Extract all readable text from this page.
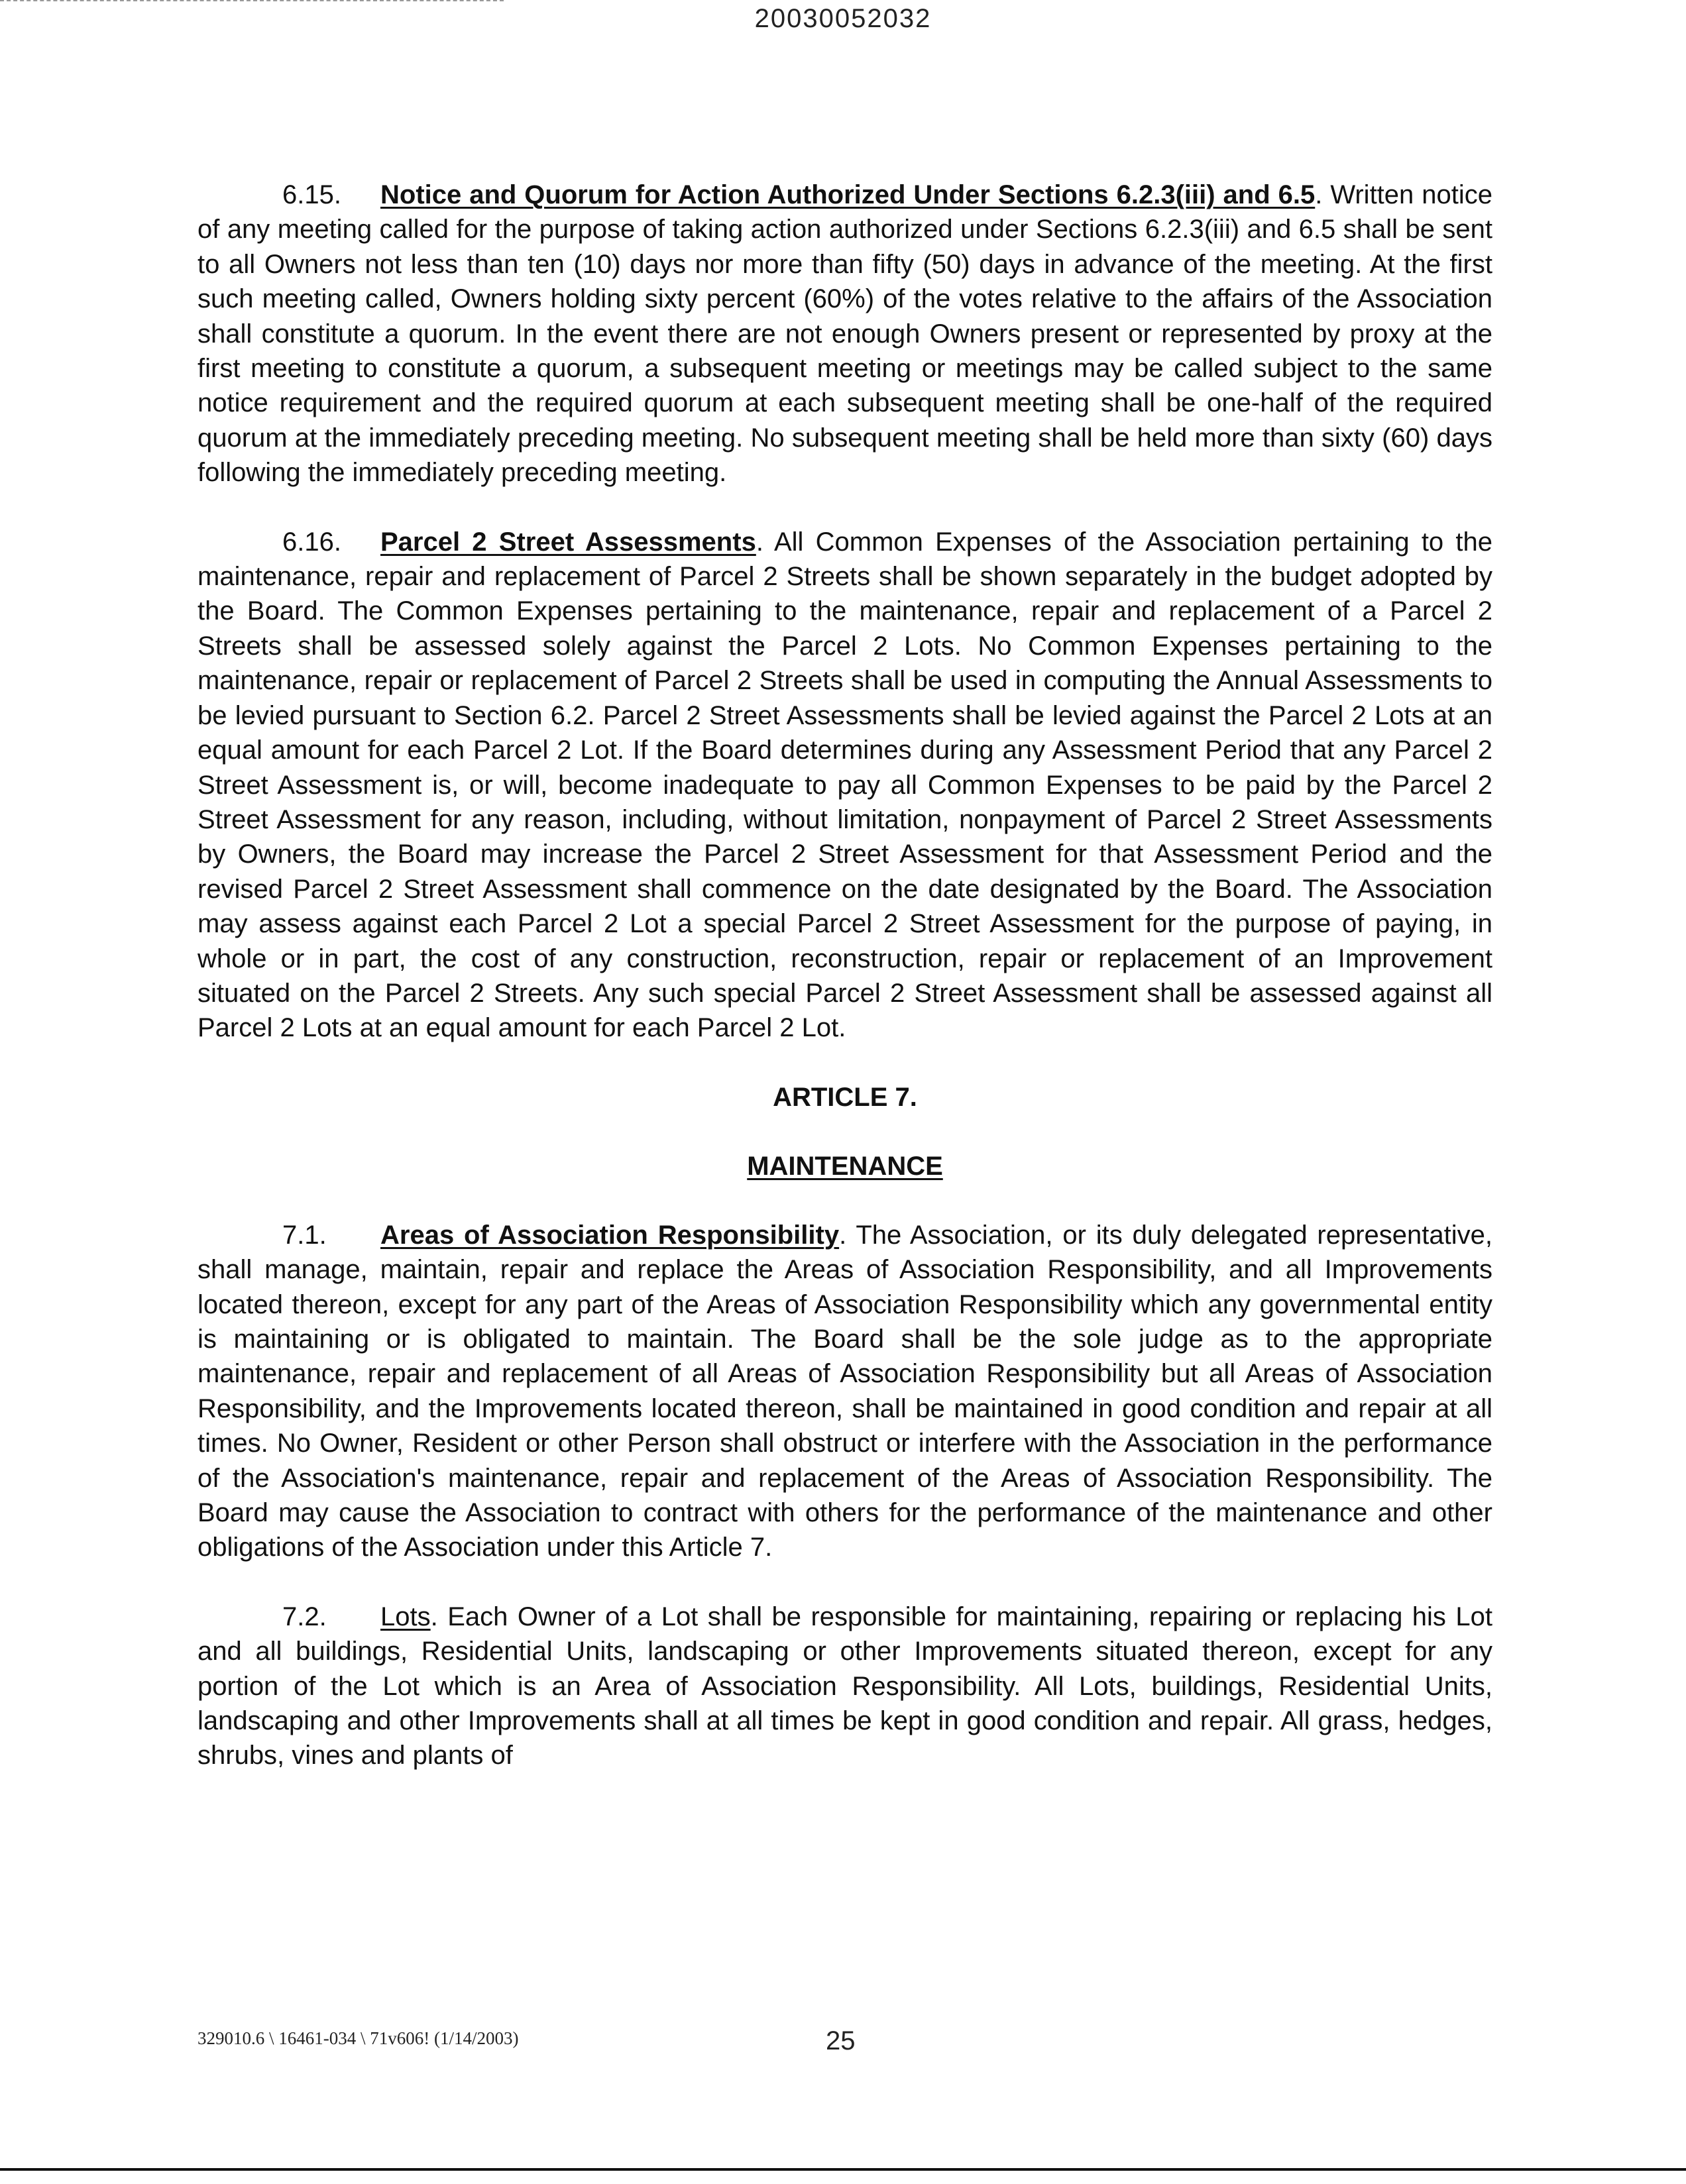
20030052032

6.15. Notice and Quorum for Action Authorized Under Sections 6.2.3(iii) and 6.5. Written notice of any meeting called for the purpose of taking action authorized under Sections 6.2.3(iii) and 6.5 shall be sent to all Owners not less than ten (10) days nor more than fifty (50) days in advance of the meeting. At the first such meeting called, Owners holding sixty percent (60%) of the votes relative to the affairs of the Association shall constitute a quorum. In the event there are not enough Owners present or represented by proxy at the first meeting to constitute a quorum, a subsequent meeting or meetings may be called subject to the same notice requirement and the required quorum at each subsequent meeting shall be one-half of the required quorum at the immediately preceding meeting. No subsequent meeting shall be held more than sixty (60) days following the immediately preceding meeting.

6.16. Parcel 2 Street Assessments. All Common Expenses of the Association pertaining to the maintenance, repair and replacement of Parcel 2 Streets shall be shown separately in the budget adopted by the Board. The Common Expenses pertaining to the maintenance, repair and replacement of a Parcel 2 Streets shall be assessed solely against the Parcel 2 Lots. No Common Expenses pertaining to the maintenance, repair or replacement of Parcel 2 Streets shall be used in computing the Annual Assessments to be levied pursuant to Section 6.2. Parcel 2 Street Assessments shall be levied against the Parcel 2 Lots at an equal amount for each Parcel 2 Lot. If the Board determines during any Assessment Period that any Parcel 2 Street Assessment is, or will, become inadequate to pay all Common Expenses to be paid by the Parcel 2 Street Assessment for any reason, including, without limitation, nonpayment of Parcel 2 Street Assessments by Owners, the Board may increase the Parcel 2 Street Assessment for that Assessment Period and the revised Parcel 2 Street Assessment shall commence on the date designated by the Board. The Association may assess against each Parcel 2 Lot a special Parcel 2 Street Assessment for the purpose of paying, in whole or in part, the cost of any construction, reconstruction, repair or replacement of an Improvement situated on the Parcel 2 Streets. Any such special Parcel 2 Street Assessment shall be assessed against all Parcel 2 Lots at an equal amount for each Parcel 2 Lot.

ARTICLE 7.
MAINTENANCE

7.1. Areas of Association Responsibility. The Association, or its duly delegated representative, shall manage, maintain, repair and replace the Areas of Association Responsibility, and all Improvements located thereon, except for any part of the Areas of Association Responsibility which any governmental entity is maintaining or is obligated to maintain. The Board shall be the sole judge as to the appropriate maintenance, repair and replacement of all Areas of Association Responsibility but all Areas of Association Responsibility, and the Improvements located thereon, shall be maintained in good condition and repair at all times. No Owner, Resident or other Person shall obstruct or interfere with the Association in the performance of the Association's maintenance, repair and replacement of the Areas of Association Responsibility. The Board may cause the Association to contract with others for the performance of the maintenance and other obligations of the Association under this Article 7.

7.2. Lots. Each Owner of a Lot shall be responsible for maintaining, repairing or replacing his Lot and all buildings, Residential Units, landscaping or other Improvements situated thereon, except for any portion of the Lot which is an Area of Association Responsibility. All Lots, buildings, Residential Units, landscaping and other Improvements shall at all times be kept in good condition and repair. All grass, hedges, shrubs, vines and plants of

329010.6 \ 16461-034 \ 71v606! (1/14/2003)	25
